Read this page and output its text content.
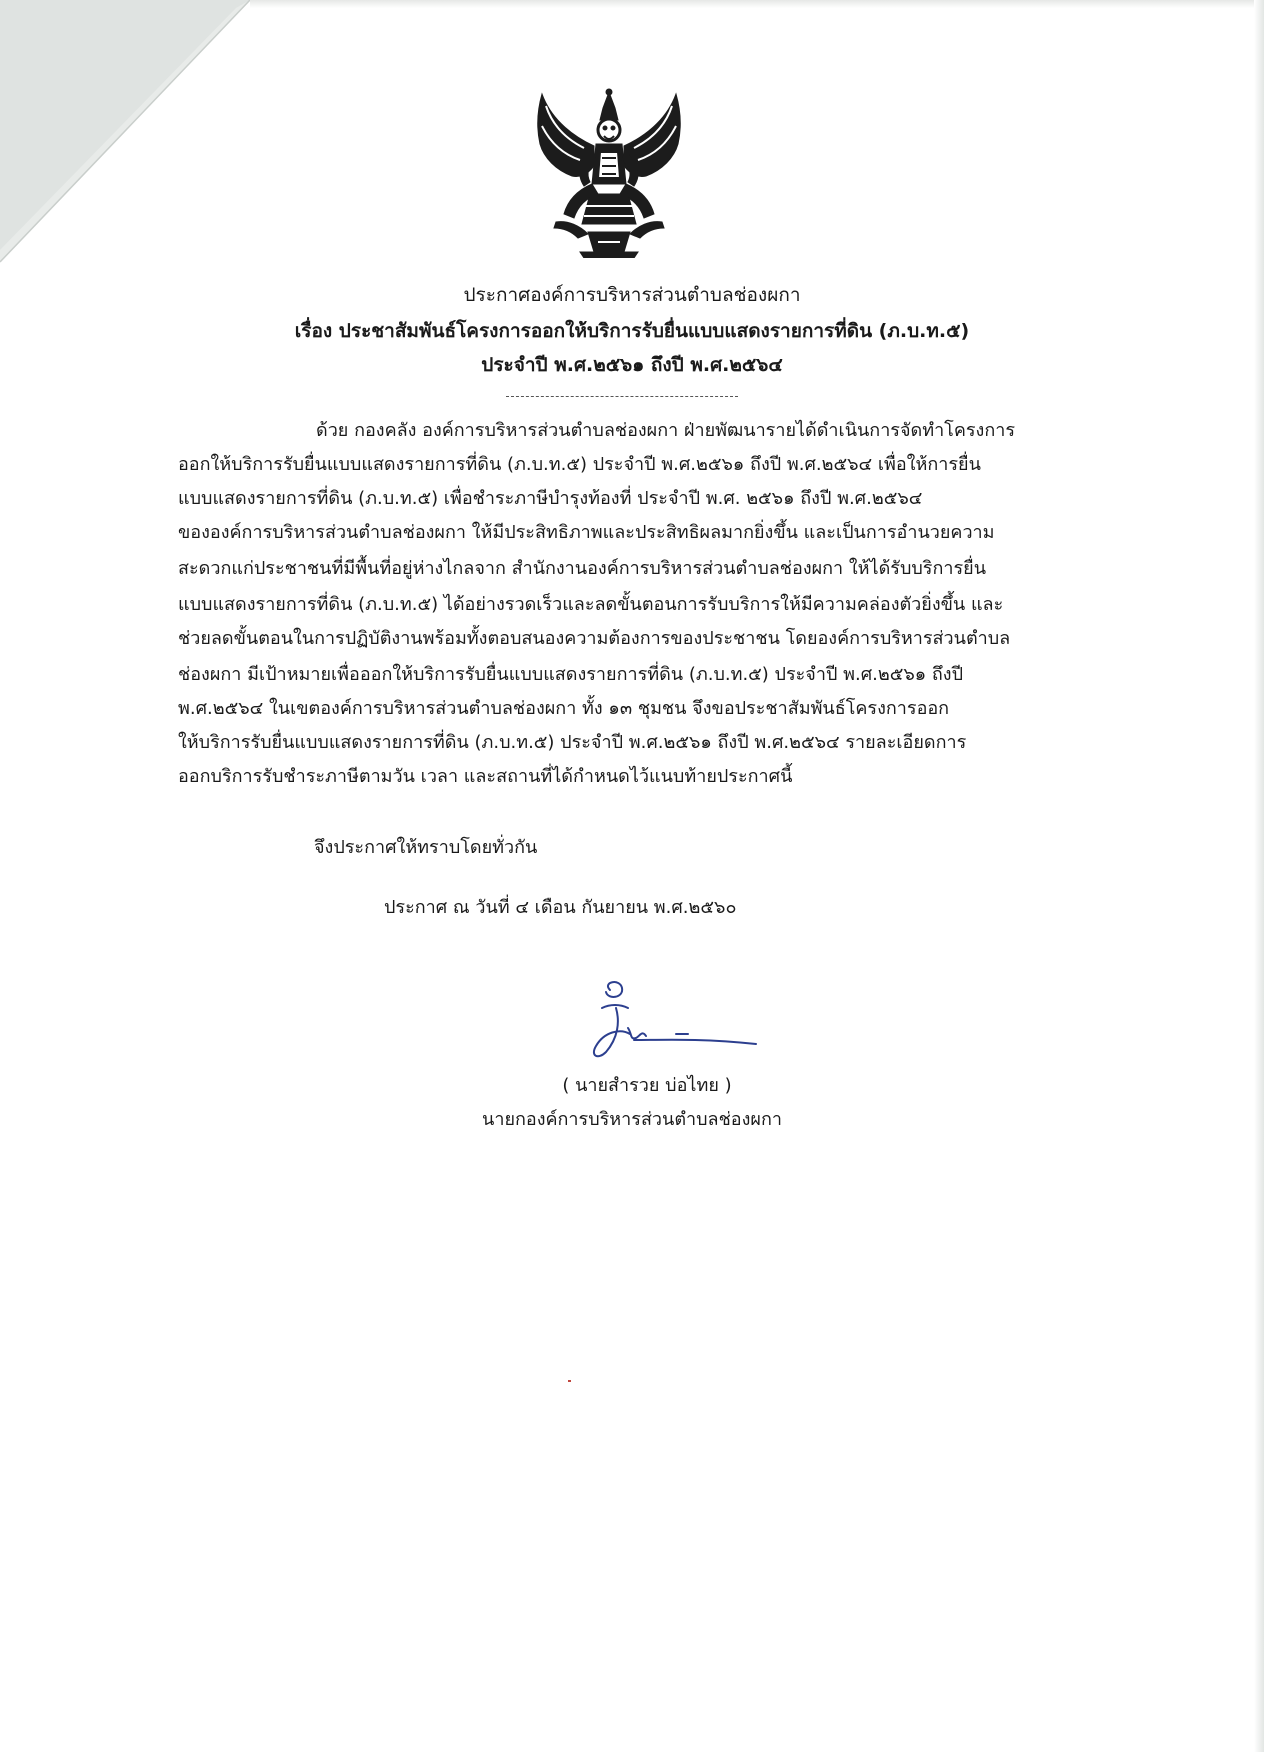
ประกาศองค์การบริหารส่วนตำบลช่องผกา
เรื่อง ประชาสัมพันธ์โครงการออกให้บริการรับยื่นแบบแสดงรายการที่ดิน (ภ.บ.ท.๕)
ประจำปี พ.ศ.๒๕๖๑ ถึงปี พ.ศ.๒๕๖๔
ด้วย กองคลัง องค์การบริหารส่วนตำบลช่องผกา ฝ่ายพัฒนารายได้ดำเนินการจัดทำโครงการ
ออกให้บริการรับยื่นแบบแสดงรายการที่ดิน (ภ.บ.ท.๕) ประจำปี พ.ศ.๒๕๖๑ ถึงปี พ.ศ.๒๕๖๔ เพื่อให้การยื่น
แบบแสดงรายการที่ดิน (ภ.บ.ท.๕) เพื่อชำระภาษีบำรุงท้องที่ ประจำปี พ.ศ. ๒๕๖๑ ถึงปี พ.ศ.๒๕๖๔
ขององค์การบริหารส่วนตำบลช่องผกา ให้มีประสิทธิภาพและประสิทธิผลมากยิ่งขึ้น และเป็นการอำนวยความ
สะดวกแก่ประชาชนที่มีพื้นที่อยู่ห่างไกลจาก สำนักงานองค์การบริหารส่วนตำบลช่องผกา ให้ได้รับบริการยื่น
แบบแสดงรายการที่ดิน (ภ.บ.ท.๕) ได้อย่างรวดเร็วและลดขั้นตอนการรับบริการให้มีความคล่องตัวยิ่งขึ้น และ
ช่วยลดขั้นตอนในการปฏิบัติงานพร้อมทั้งตอบสนองความต้องการของประชาชน โดยองค์การบริหารส่วนตำบล
ช่องผกา มีเป้าหมายเพื่อออกให้บริการรับยื่นแบบแสดงรายการที่ดิน (ภ.บ.ท.๕) ประจำปี พ.ศ.๒๕๖๑ ถึงปี
พ.ศ.๒๕๖๔ ในเขตองค์การบริหารส่วนตำบลช่องผกา ทั้ง ๑๓ ชุมชน จึงขอประชาสัมพันธ์โครงการออก
ให้บริการรับยื่นแบบแสดงรายการที่ดิน (ภ.บ.ท.๕) ประจำปี พ.ศ.๒๕๖๑ ถึงปี พ.ศ.๒๕๖๔ รายละเอียดการ
ออกบริการรับชำระภาษีตามวัน เวลา และสถานที่ได้กำหนดไว้แนบท้ายประกาศนี้
จึงประกาศให้ทราบโดยทั่วกัน
ประกาศ ณ วันที่ ๔ เดือน กันยายน พ.ศ.๒๕๖๐
( นายสำรวย บ่อไทย )
นายกองค์การบริหารส่วนตำบลช่องผกา
